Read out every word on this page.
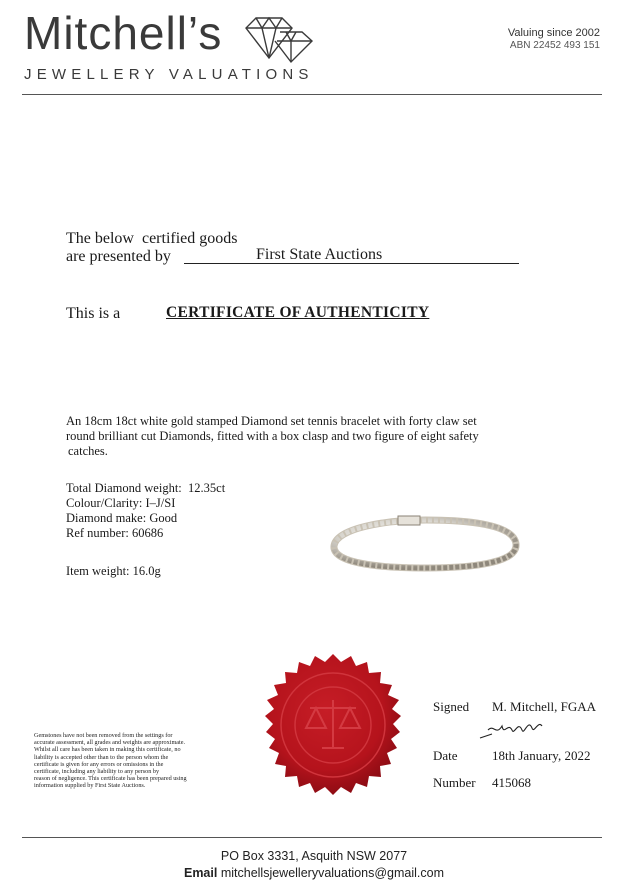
Mitchell’s
JEWELLERY VALUATIONS
Valuing since 2002
ABN 22452 493 151
The below  certified goods
are presented by	First State Auctions
This is a	CERTIFICATE OF AUTHENTICITY
An 18cm 18ct white gold stamped Diamond set tennis bracelet with forty claw set
round brilliant cut Diamonds, fitted with a box clasp and two figure of eight safety
catches.
Total Diamond weight:  12.35ct
Colour/Clarity: I–J/SI
Diamond make: Good
Ref number: 60686
Item weight: 16.0g
Gemstones have not been removed from the settings for
accurate assessment, all grades and weights are approximate.
Whilst all care has been taken in making this certificate, no
liability is accepted other than to the person whom the
certificate is given for any errors or omissions in the
certificate, including any liability to any person by
reason of negligence. This certificate has been prepared using
information supplied by First State Auctions.
Signed M. Mitchell, FGAA
Date	18th January, 2022
Number 415068
PO Box 3331, Asquith NSW 2077
Email mitchellsjewelleryvaluations@gmail.com
